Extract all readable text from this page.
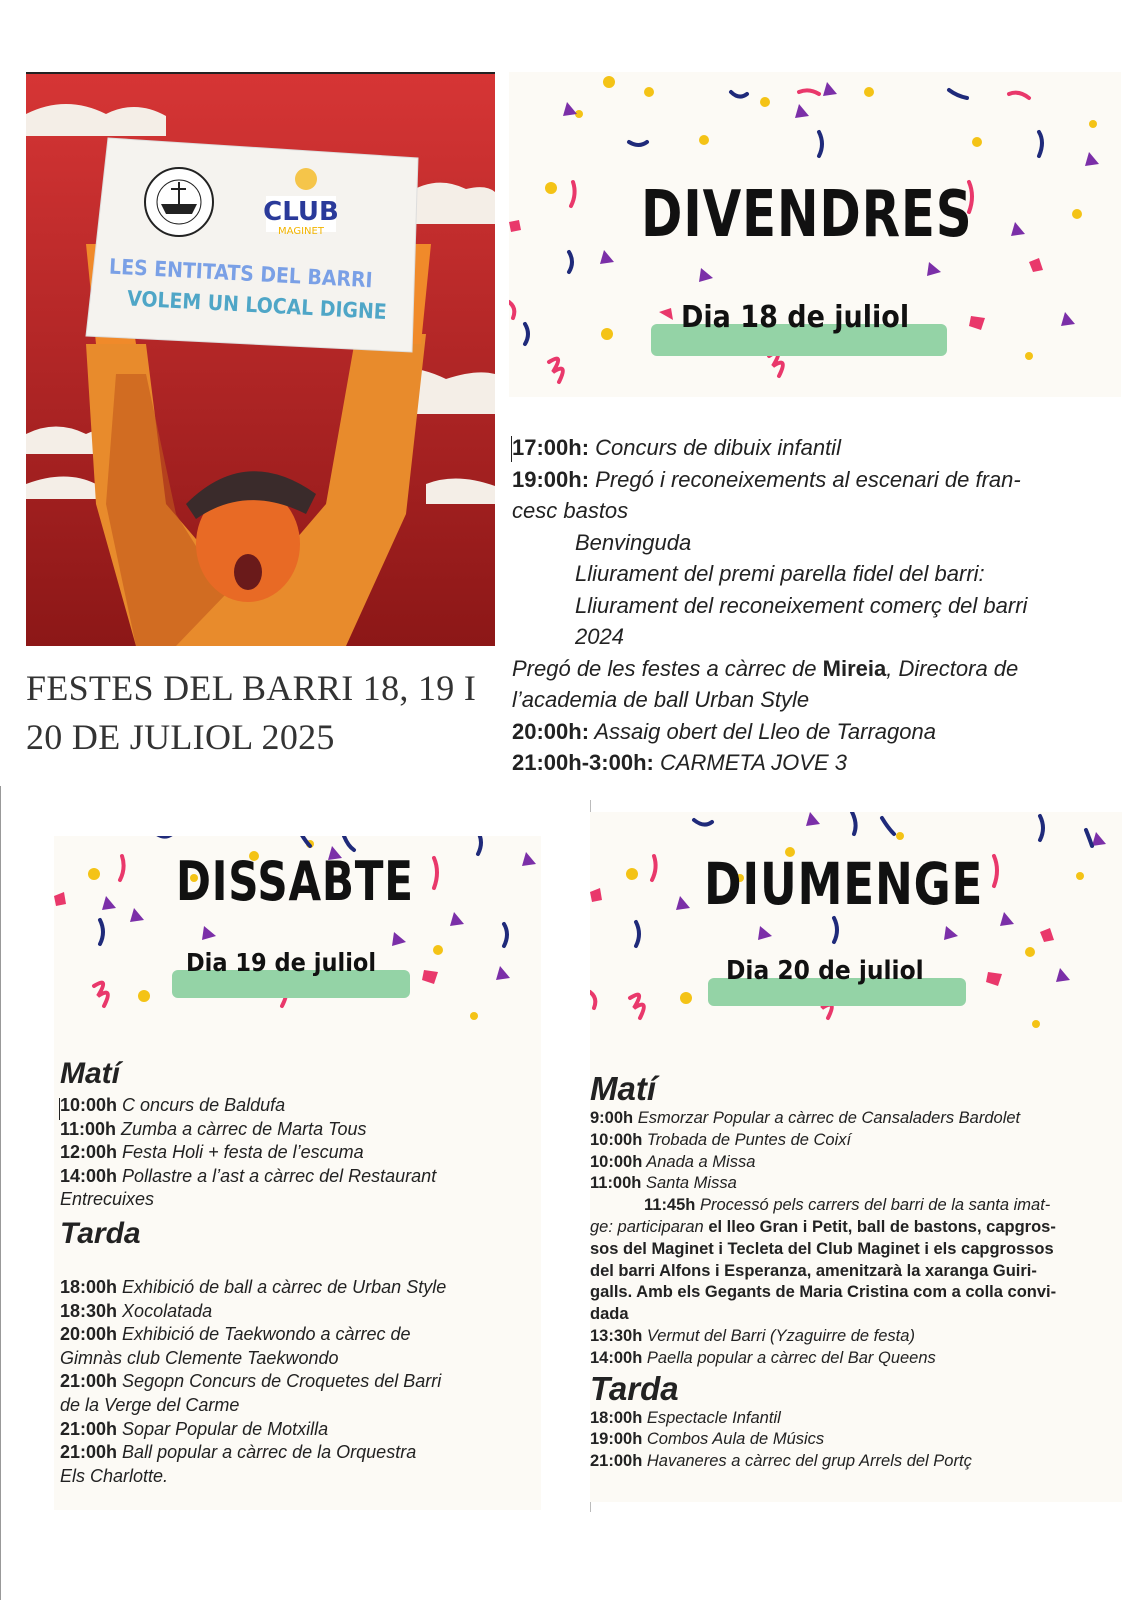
CLUB
MAGINET
LES ENTITATS DEL BARRI
VOLEM UN LOCAL DIGNE
FESTES DEL BARRI 18, 19 I
20 DE JULIOL 2025
DIVENDRES
Dia 18 de juliol
17:00h: Concurs de dibuix infantil
19:00h: Pregó i reconeixements al escenari de fran-
cesc bastos
Benvinguda
Lliurament del premi parella fidel del barri:
Lliurament del reconeixement comerç del barri
2024
Pregó de les festes a càrrec de Mireia, Directora de
l’academia de ball Urban Style
20:00h: Assaig obert del Lleo de Tarragona
21:00h-3:00h: CARMETA JOVE 3
DISSABTE
Dia 19 de juliol
Matí
10:00h C oncurs de Baldufa
11:00h Zumba a càrrec de Marta Tous
12:00h Festa Holi + festa de l’escuma
14:00h Pollastre a l’ast a càrrec del Restaurant
Entrecuixes
Tarda
18:00h Exhibició de ball a càrrec de Urban Style
18:30h Xocolatada
20:00h Exhibició de Taekwondo a càrrec de
Gimnàs club Clemente Taekwondo
21:00h Segopn Concurs de Croquetes del Barri
de la Verge del Carme
21:00h Sopar Popular de Motxilla
21:00h Ball popular a càrrec de la Orquestra
Els Charlotte.
DIUMENGE
Dia 20 de juliol
Matí
9:00h Esmorzar Popular a càrrec de Cansaladers Bardolet
10:00h Trobada de Puntes de Coixí
10:00h Anada a Missa
11:00h Santa Missa
11:45h Processó pels carrers del barri de la santa imat-
ge: participaran el lleo Gran i Petit, ball de bastons, capgros-
sos del Maginet i Tecleta del Club Maginet i els capgrossos
del barri Alfons i Esperanza, amenitzarà la xaranga Guiri-
galls. Amb els Gegants de Maria Cristina com a colla convi-
dada
13:30h Vermut del Barri (Yzaguirre de festa)
14:00h Paella popular a càrrec del Bar Queens
Tarda
18:00h Espectacle Infantil
19:00h Combos Aula de Músics
21:00h Havaneres a càrrec del grup Arrels del Portç
